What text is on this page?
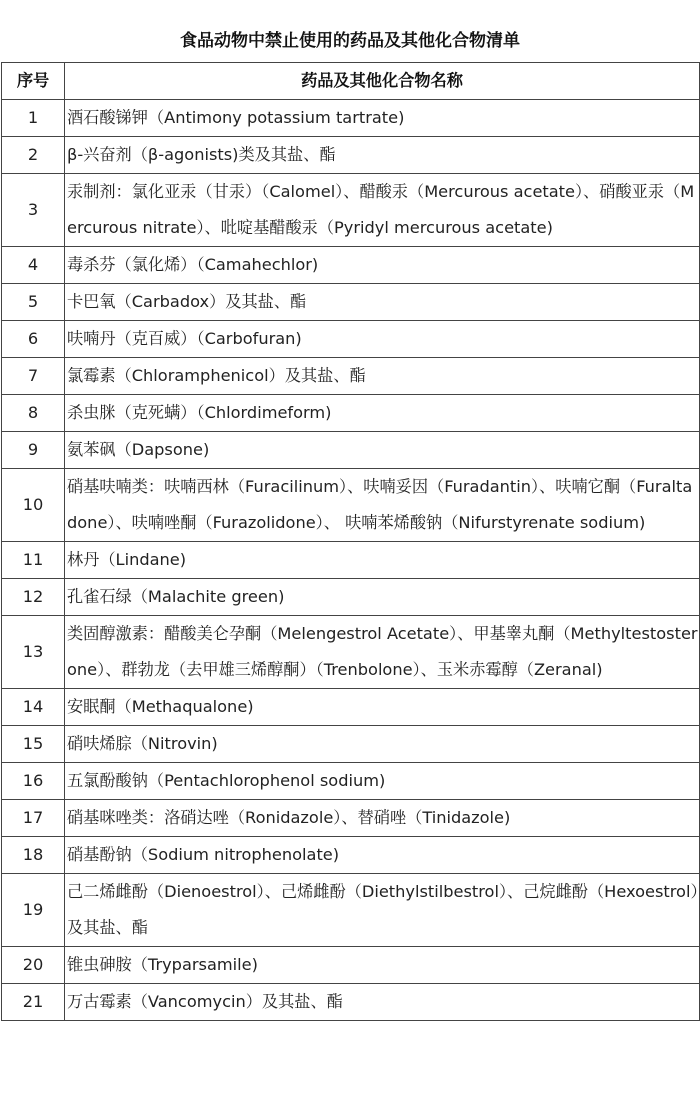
食品动物中禁止使用的药品及其他化合物清单
序号	药品及其他化合物名称
1	酒石酸锑钾（Antimony potassium tartrate)
2	β-兴奋剂（β-agonists)类及其盐、酯
3	汞制剂：氯化亚汞（甘汞）（Calomel）、醋酸汞（Mercurous acetate）、硝酸亚汞（Mercurous nitrate）、吡啶基醋酸汞（Pyridyl mercurous acetate)
4	毒杀芬（氯化烯）（Camahechlor)
5	卡巴氧（Carbadox）及其盐、酯
6	呋喃丹（克百威）（Carbofuran)
7	氯霉素（Chloramphenicol）及其盐、酯
8	杀虫脒（克死螨）（Chlordimeform)
9	氨苯砜（Dapsone)
10	硝基呋喃类：呋喃西林（Furacilinum）、呋喃妥因（Furadantin）、呋喃它酮（Furaltadone）、呋喃唑酮（Furazolidone）、 呋喃苯烯酸钠（Nifurstyrenate sodium)
11	林丹（Lindane)
12	孔雀石绿（Malachite green)
13	类固醇激素：醋酸美仑孕酮（Melengestrol Acetate）、甲基睾丸酮（Methyltestosterone）、群勃龙（去甲雄三烯醇酮）（Trenbolone）、玉米赤霉醇（Zeranal)
14	安眠酮（Methaqualone)
15	硝呋烯腙（Nitrovin)
16	五氯酚酸钠（Pentachlorophenol sodium)
17	硝基咪唑类：洛硝达唑（Ronidazole）、替硝唑（Tinidazole)
18	硝基酚钠（Sodium nitrophenolate)
19	己二烯雌酚（Dienoestrol）、己烯雌酚（Diethylstilbestrol）、己烷雌酚（Hexoestrol）及其盐、酯
20	锥虫砷胺（Tryparsamile)
21	万古霉素（Vancomycin）及其盐、酯
